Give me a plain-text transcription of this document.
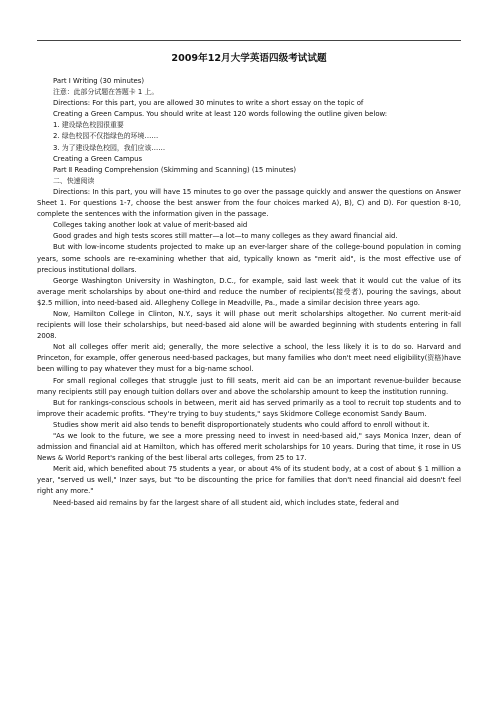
2009年12月大学英语四级考试试题

Part Ⅰ Writing (30 minutes)

注意：此部分试题在答题卡 1 上。

Directions: For this part, you are allowed 30 minutes to write a short essay on the topic of

Creating a Green Campus. You should write at least 120 words following the outline given below:

1. 建设绿色校园很重要

2. 绿色校园不仅指绿色的环境……

3. 为了建设绿色校园，我们应该……

Creating a Green Campus

Part Ⅱ Reading Comprehension (Skimming and Scanning) (15 minutes)

二、快速阅读

Directions: In this part, you will have 15 minutes to go over the passage quickly and answer the questions on Answer Sheet 1. For questions 1-7, choose the best answer from the four choices marked A), B), C) and D). For question 8-10, complete the sentences with the information given in the passage.

Colleges taking another look at value of merit-based aid

Good grades and high tests scores still matter—a lot—to many colleges as they award financial aid.

But with low-income students projected to make up an ever-larger share of the college-bound population in coming years, some schools are re-examining whether that aid, typically known as "merit aid", is the most effective use of precious institutional dollars.

George Washington University in Washington, D.C., for example, said last week that it would cut the value of its average merit scholarships by about one-third and reduce the number of recipients(接受者), pouring the savings, about $2.5 million, into need-based aid. Allegheny College in Meadville, Pa., made a similar decision three years ago.

Now, Hamilton College in Clinton, N.Y., says it will phase out merit scholarships altogether. No current merit-aid recipients will lose their scholarships, but need-based aid alone will be awarded beginning with students entering in fall 2008.

Not all colleges offer merit aid; generally, the more selective a school, the less likely it is to do so. Harvard and Princeton, for example, offer generous need-based packages, but many families who don't meet need eligibility(资格)have been willing to pay whatever they must for a big-name school.

For small regional colleges that struggle just to fill seats, merit aid can be an important revenue-builder because many recipients still pay enough tuition dollars over and above the scholarship amount to keep the institution running.

But for rankings-conscious schools in between, merit aid has served primarily as a tool to recruit top students and to improve their academic profits. "They're trying to buy students," says Skidmore College economist Sandy Baum.

Studies show merit aid also tends to benefit disproportionately students who could afford to enroll without it.

"As we look to the future, we see a more pressing need to invest in need-based aid," says Monica Inzer, dean of admission and financial aid at Hamilton, which has offered merit scholarships for 10 years. During that time, it rose in US News & World Report's ranking of the best liberal arts colleges, from 25 to 17.

Merit aid, which benefited about 75 students a year, or about 4% of its student body, at a cost of about $ 1 million a year, "served us well," Inzer says, but "to be discounting the price for families that don't need financial aid doesn't feel right any more."

Need-based aid remains by far the largest share of all student aid, which includes state, federal and
